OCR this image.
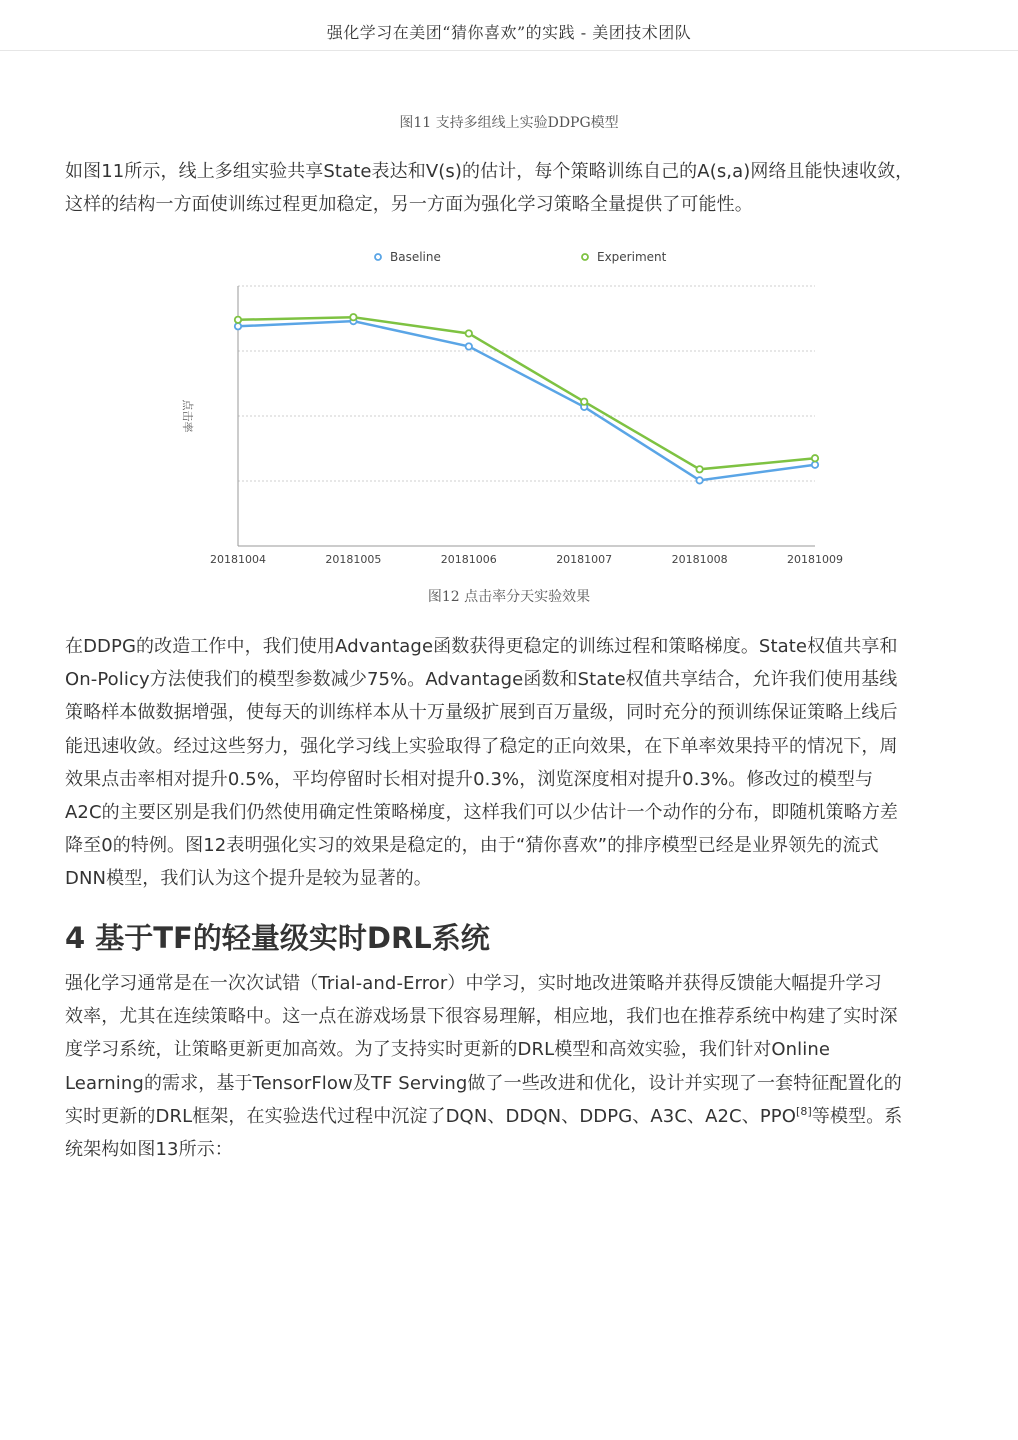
强化学习在美团“猜你喜欢”的实践 - 美团技术团队
图11 支持多组线上实验DDPG模型
如图11所示，线上多组实验共享State表达和V(s)的估计，每个策略训练自己的A(s,a)网络且能快速收敛，
这样的结构一方面使训练过程更加稳定，另一方面为强化学习策略全量提供了可能性。
Baseline	Experiment
20181004	20181005	20181006	20181007	20181008	20181009
点击率
图12 点击率分天实验效果
在DDPG的改造工作中，我们使用Advantage函数获得更稳定的训练过程和策略梯度。State权值共享和
On-Policy方法使我们的模型参数减少75%。Advantage函数和State权值共享结合，允许我们使用基线
策略样本做数据增强，使每天的训练样本从十万量级扩展到百万量级，同时充分的预训练保证策略上线后
能迅速收敛。经过这些努力，强化学习线上实验取得了稳定的正向效果，在下单率效果持平的情况下，周
效果点击率相对提升0.5%，平均停留时长相对提升0.3%，浏览深度相对提升0.3%。修改过的模型与
A2C的主要区别是我们仍然使用确定性策略梯度，这样我们可以少估计一个动作的分布，即随机策略方差
降至0的特例。图12表明强化实习的效果是稳定的，由于“猜你喜欢”的排序模型已经是业界领先的流式
DNN模型，我们认为这个提升是较为显著的。
4 基于TF的轻量级实时DRL系统
强化学习通常是在一次次试错（Trial-and-Error）中学习，实时地改进策略并获得反馈能大幅提升学习
效率，尤其在连续策略中。这一点在游戏场景下很容易理解，相应地，我们也在推荐系统中构建了实时深
度学习系统，让策略更新更加高效。为了支持实时更新的DRL模型和高效实验，我们针对Online
Learning的需求，基于TensorFlow及TF Serving做了一些改进和优化，设计并实现了一套特征配置化的
实时更新的DRL框架，在实验迭代过程中沉淀了DQN、DDQN、DDPG、A3C、A2C、PPO[8]等模型。系
统架构如图13所示：
